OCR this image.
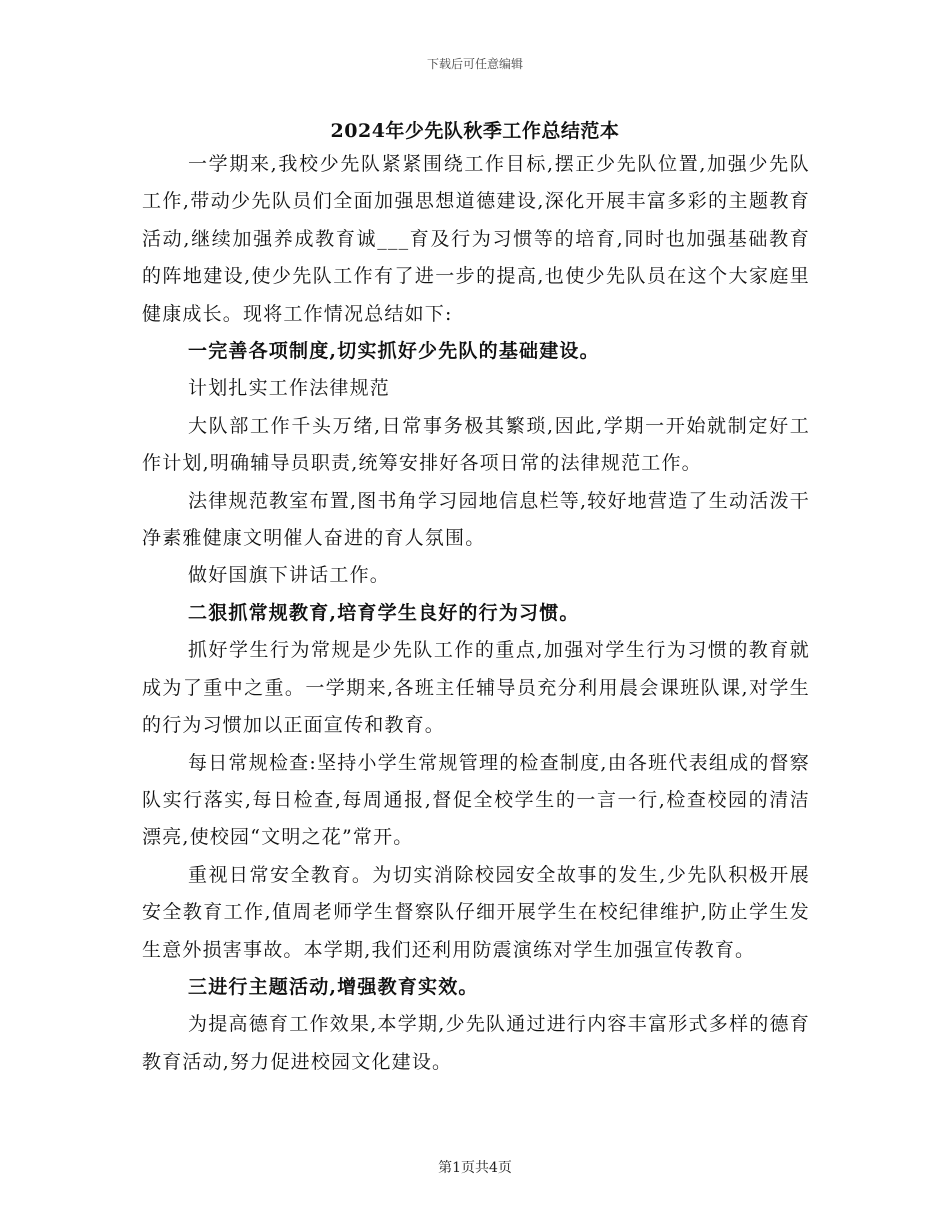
下载后可任意编辑
2024年少先队秋季工作总结范本

一学期来,我校少先队紧紧围绕工作目标,摆正少先队位置,加强少先队工作,带动少先队员们全面加强思想道德建设,深化开展丰富多彩的主题教育活动,继续加强养成教育诚___育及行为习惯等的培育,同时也加强基础教育的阵地建设,使少先队工作有了进一步的提高,也使少先队员在这个大家庭里健康成长。现将工作情况总结如下:

一完善各项制度,切实抓好少先队的基础建设。

计划扎实工作法律规范

大队部工作千头万绪,日常事务极其繁琐,因此,学期一开始就制定好工作计划,明确辅导员职责,统筹安排好各项日常的法律规范工作。

法律规范教室布置,图书角学习园地信息栏等,较好地营造了生动活泼干净素雅健康文明催人奋进的育人氛围。

做好国旗下讲话工作。

二狠抓常规教育,培育学生良好的行为习惯。

抓好学生行为常规是少先队工作的重点,加强对学生行为习惯的教育就成为了重中之重。一学期来,各班主任辅导员充分利用晨会课班队课,对学生的行为习惯加以正面宣传和教育。

每日常规检查:坚持小学生常规管理的检查制度,由各班代表组成的督察队实行落实,每日检查,每周通报,督促全校学生的一言一行,检查校园的清洁漂亮,使校园“文明之花”常开。

重视日常安全教育。为切实消除校园安全故事的发生,少先队积极开展安全教育工作,值周老师学生督察队仔细开展学生在校纪律维护,防止学生发生意外损害事故。本学期,我们还利用防震演练对学生加强宣传教育。

三进行主题活动,增强教育实效。

为提高德育工作效果,本学期,少先队通过进行内容丰富形式多样的德育教育活动,努力促进校园文化建设。

第1页共4页
